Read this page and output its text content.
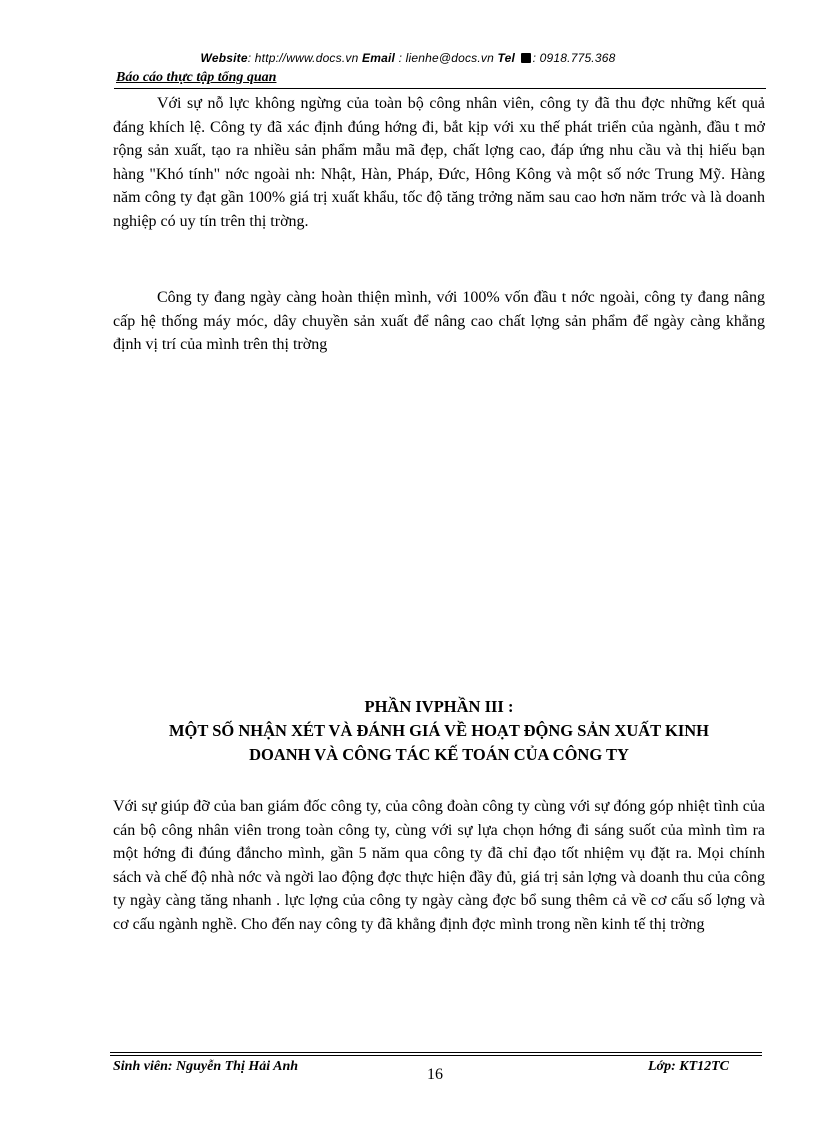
Website: http://www.docs.vn Email : lienhe@docs.vn Tel : 0918.775.368
Báo cáo thực tập tổng quan

Với sự nỗ lực không ngừng của toàn bộ công nhân viên, công ty đã thu đợc những kết quả đáng khích lệ. Công ty đã xác định đúng hớng đi, bắt kịp với xu thế phát triển của ngành, đầu t mở rộng sản xuất, tạo ra nhiều sản phẩm mẫu mã đẹp, chất lợng cao, đáp ứng nhu cầu và thị hiếu bạn hàng "Khó tính" nớc ngoài nh: Nhật, Hàn, Pháp, Đức, Hông Kông và một số nớc Trung Mỹ. Hàng năm công ty đạt gần 100% giá trị xuất khẩu, tốc độ tăng trởng năm sau cao hơn năm trớc và là doanh nghiệp có uy tín trên thị trờng.

Công ty đang ngày càng hoàn thiện mình, với 100% vốn đầu t nớc ngoài, công ty đang nâng cấp hệ thống máy móc, dây chuyền sản xuất để nâng cao chất lợng sản phẩm để ngày càng khẳng định vị trí của mình trên thị trờng

PHẦN IVPHẦN III :
MỘT SỐ NHẬN XÉT VÀ ĐÁNH GIÁ VỀ HOẠT ĐỘNG SẢN XUẤT KINH
DOANH VÀ CÔNG TÁC KẾ TOÁN CỦA CÔNG TY

Với sự giúp đỡ của ban giám đốc công ty, của công đoàn công ty cùng với sự đóng góp nhiệt tình của cán bộ công nhân viên trong toàn công ty, cùng với sự lựa chọn hớng đi sáng suốt của mình tìm ra một hớng đi đúng đắncho mình, gần 5 năm qua công ty đã chỉ đạo tốt nhiệm vụ đặt ra. Mọi chính sách và chế độ nhà nớc và ngời lao động đợc thực hiện đầy đủ, giá trị sản lợng và doanh thu của công ty ngày càng tăng nhanh . lực lợng của công ty ngày càng đợc bổ sung thêm cả về cơ cấu số lợng và cơ cấu ngành nghề. Cho đến nay công ty đã khẳng định đợc mình trong nền kinh tế thị trờng

Sinh viên: Nguyễn Thị Hải Anh	16	Lớp: KT12TC
